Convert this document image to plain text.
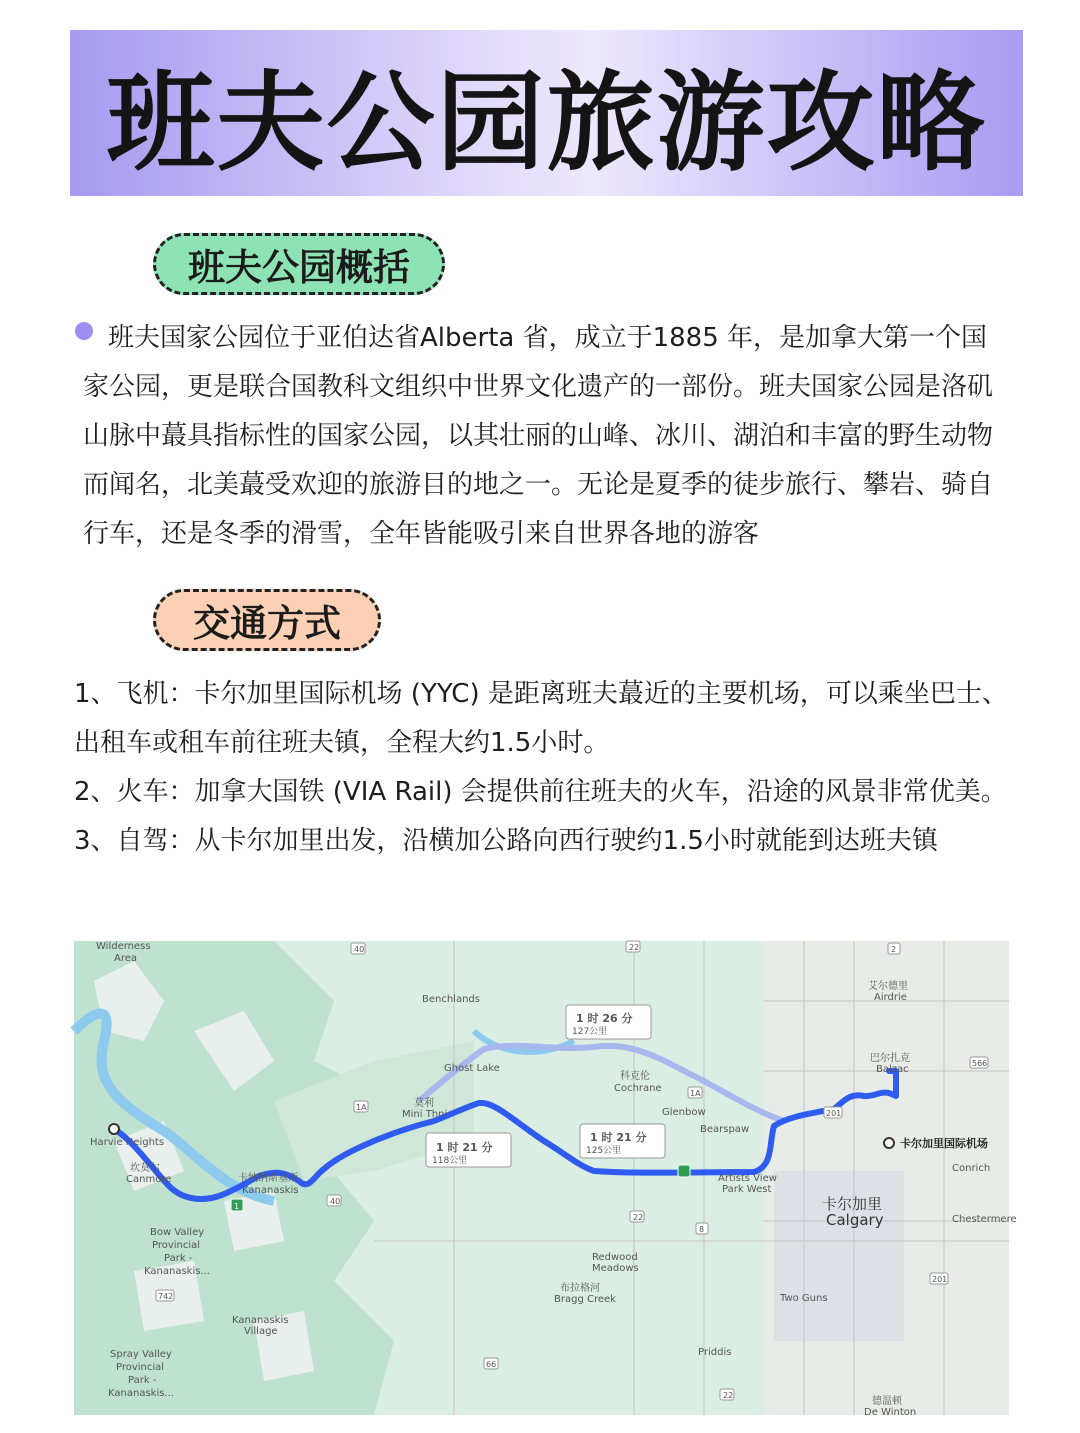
班夫公园旅游攻略
班夫公园概括

班夫国家公园位于亚伯达省Alberta 省，成立于1885 年，是加拿大第一个国家公园，更是联合国教科文组织中世界文化遗产的一部份。班夫国家公园是洛矶山脉中蕞具指标性的国家公园，以其壮丽的山峰、冰川、湖泊和丰富的野生动物而闻名，北美蕞受欢迎的旅游目的地之一。无论是夏季的徒步旅行、攀岩、骑自行车，还是冬季的滑雪，全年皆能吸引来自世界各地的游客

交通方式
1、飞机：卡尔加里国际机场 (YYC) 是距离班夫蕞近的主要机场，可以乘坐巴士、出租车或租车前往班夫镇，全程大约1.5小时。
2、火车：加拿大国铁 (VIA Rail) 会提供前往班夫的火车，沿途的风景非常优美。
3、自驾：从卡尔加里出发，沿横加公路向西行驶约1.5小时就能到达班夫镇
1 时 21 分
118公里
1 时 21 分
125公里
1 时 26 分
127公里
Wilderness
Area
Benchlands
艾尔德里
Airdrie
巴尔扎克
Balzac
Ghost Lake
科克伦
Cochrane
Glenbow
Bearspaw
莫利
Mini Thni
Harvie Heights
坎莫尔
Canmore	卡纳纳斯基斯
Kananaskis
卡尔加里国际机场
Conrich
Artists View
Park West
卡尔加里
Calgary	Chestermere
Bow Valley
Provincial
Park -
Kananaskis...
Redwood
Meadows
布拉格河
Bragg Creek	Two Guns
Kananaskis
Village
Spray Valley
Provincial
Park -
Kananaskis...
Priddis
德温顿
De Winton
40	22	2
566
1A
1A
201
40
22
8
742
201
66
22
1
